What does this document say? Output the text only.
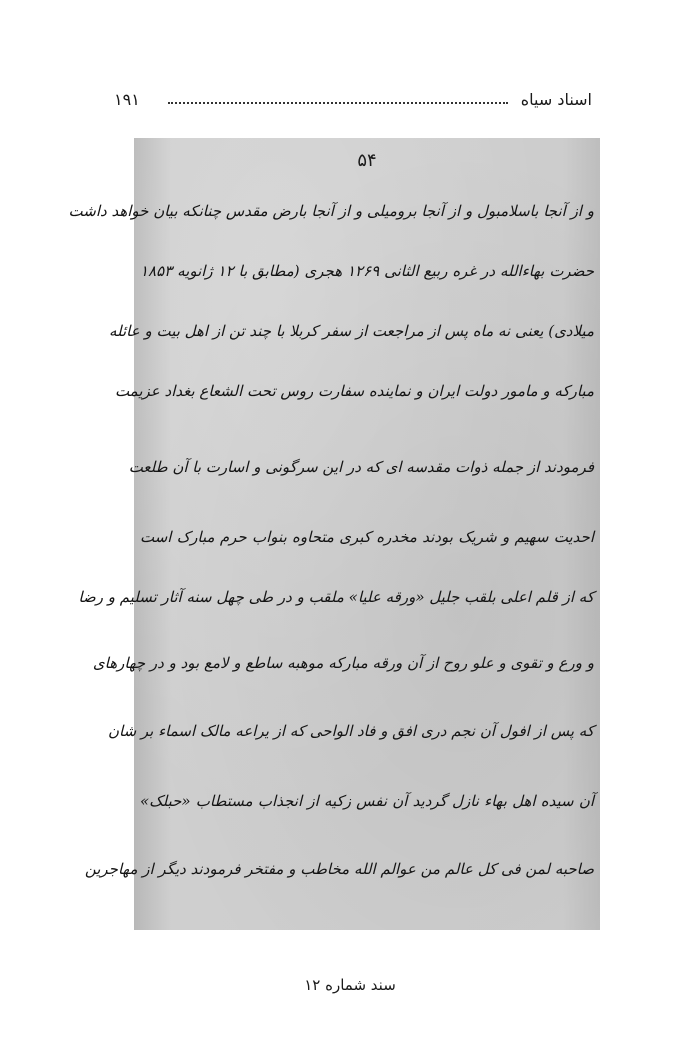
اسناد سیاه
۱۹۱
۵۴
و از آنجا باسلامبول و از آنجا برومیلی و از آنجا بارض مقدس چنانکه بیان خواهد داشت
حضرت بهاءالله در غره ربیع الثانی ۱۲۶۹ هجری (مطابق با ۱۲ ژانویه ۱۸۵۳
میلادی) یعنی نه ماه پس از مراجعت از سفر کربلا با چند تن از اهل بیت و عائله
مبارکه و مامور دولت ایران و نماینده سفارت روس تحت الشعاع بغداد عزیمت
فرمودند از جمله ذوات مقدسه ای که در این سرگونی و اسارت با آن طلعت
احدیت سهیم و شریک بودند مخدره کبری متحاوه بنواب حرم مبارک است
که از قلم اعلی بلقب جلیل «ورقه علیا» ملقب و در طی چهل سنه آثار تسلیم و رضا
و ورع و تقوی و علو روح از آن ورقه مبارکه موهبه ساطع و لامع بود و در چهارهای
که پس از افول آن نجم دری افق و فاد الواحی که از یراعه مالک اسماء بر شان
آن سیده اهل بهاء نازل گردید آن نفس زکیه از انجذاب مستطاب «حبلک»
صاحبه لمن فی کل عالم من عوالم الله مخاطب و مفتخر فرمودند دیگر از مهاجرین
سند شماره ۱۲
